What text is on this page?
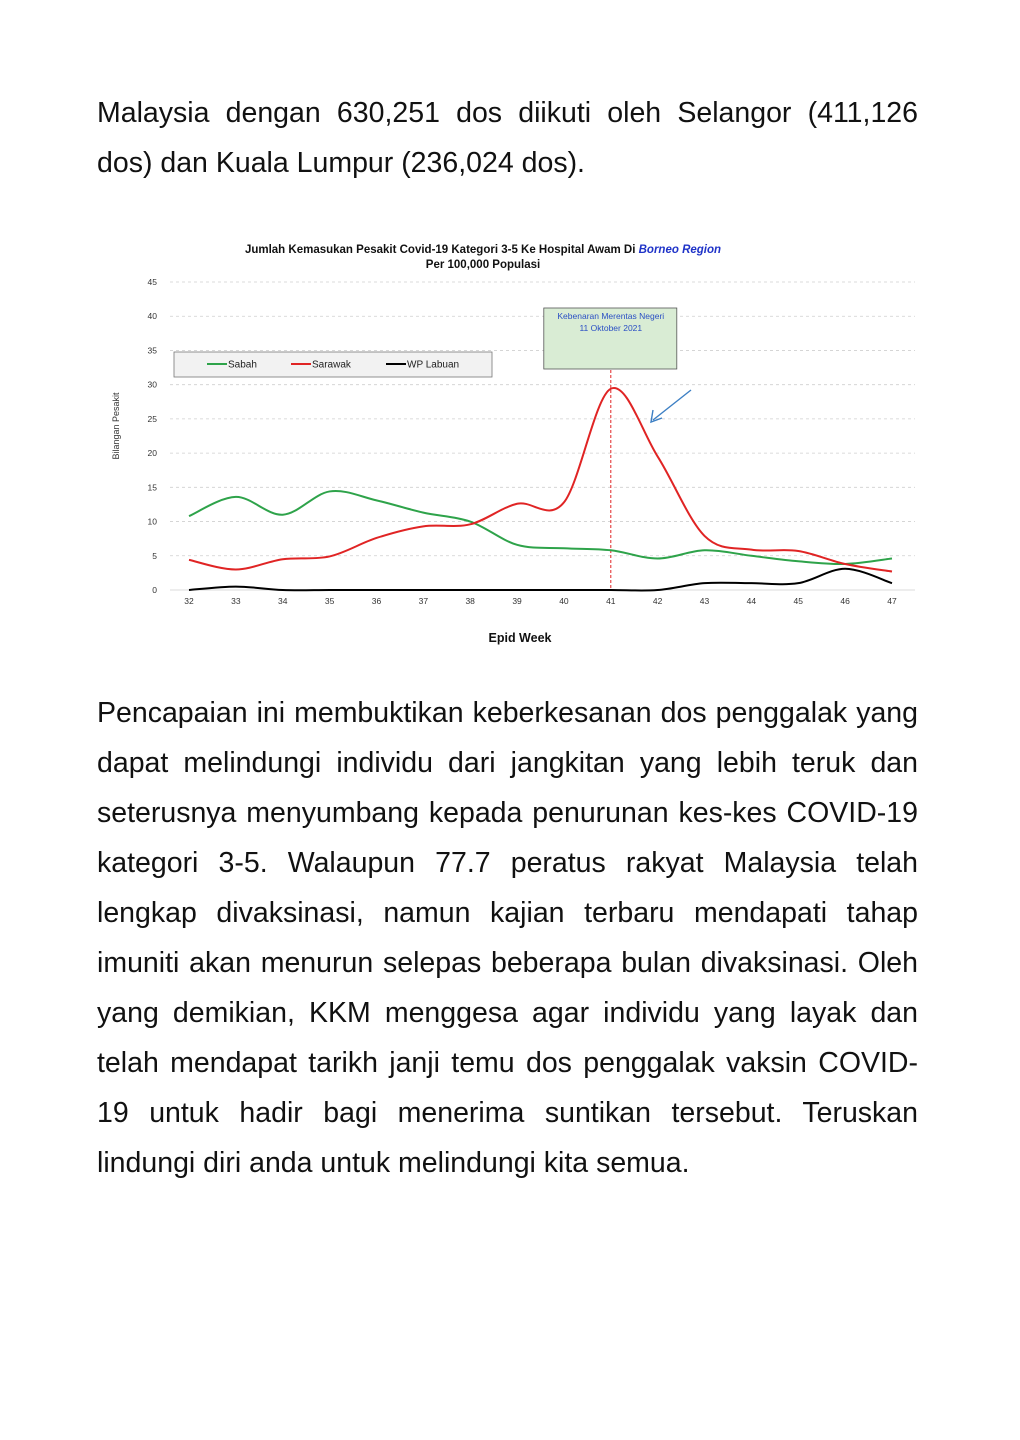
Malaysia dengan 630,251 dos diikuti oleh Selangor (411,126 dos) dan Kuala Lumpur (236,024 dos).

Jumlah Kemasukan Pesakit Covid-19 Kategori 3-5 Ke Hospital Awam Di Borneo Region
Per 100,000 Populasi
0
5
10
15
20
25
30
35
40
45
32	33	34	35	36	37	38	39	40	41	42	43	44	45	46	47
Bilangan Pesakit
Epid Week
Kebenaran Merentas Negeri
11 Oktober 2021
Sabah	Sarawak	WP Labuan

Pencapaian ini membuktikan keberkesanan dos penggalak yang dapat melindungi individu dari jangkitan yang lebih teruk dan seterusnya menyumbang kepada penurunan kes-kes COVID-19 kategori 3-5. Walaupun 77.7 peratus rakyat Malaysia telah lengkap divaksinasi, namun kajian terbaru mendapati tahap imuniti akan menurun selepas beberapa bulan divaksinasi. Oleh yang demikian, KKM menggesa agar individu yang layak dan telah mendapat tarikh janji temu dos penggalak vaksin COVID-19 untuk hadir bagi menerima suntikan tersebut. Teruskan lindungi diri anda untuk melindungi kita semua.
